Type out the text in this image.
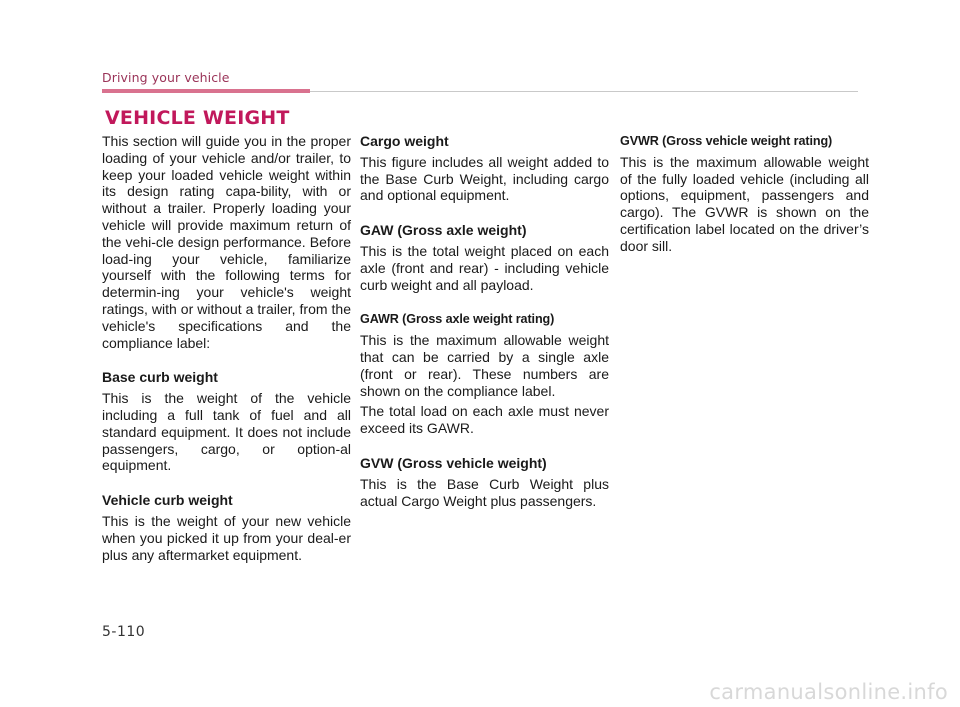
Driving your vehicle
VEHICLE WEIGHT

This section will guide you in the proper loading of your vehicle and/or trailer, to keep your loaded vehicle weight within its design rating capa-bility, with or without a trailer. Properly loading your vehicle will provide maximum return of the vehi-cle design performance. Before load-ing your vehicle, familiarize yourself with the following terms for determin-ing your vehicle's weight ratings, with or without a trailer, from the vehicle's specifications and the compliance label:

Base curb weight

This is the weight of the vehicle including a full tank of fuel and all standard equipment. It does not include passengers, cargo, or option-al equipment.

Vehicle curb weight

This is the weight of your new vehicle when you picked it up from your deal-er plus any aftermarket equipment.

Cargo weight

This figure includes all weight added to the Base Curb Weight, including cargo and optional equipment.

GAW (Gross axle weight)

This is the total weight placed on each axle (front and rear) - including vehicle curb weight and all payload.

GAWR (Gross axle weight rating)

This is the maximum allowable weight that can be carried by a single axle (front or rear). These numbers are shown on the compliance label.

The total load on each axle must never exceed its GAWR.

GVW (Gross vehicle weight)

This is the Base Curb Weight plus actual Cargo Weight plus passengers.

GVWR (Gross vehicle weight rating)

This is the maximum allowable weight of the fully loaded vehicle (including all options, equipment, passengers and cargo). The GVWR is shown on the certification label located on the driver’s door sill.

5-110
carmanualsonline.info
